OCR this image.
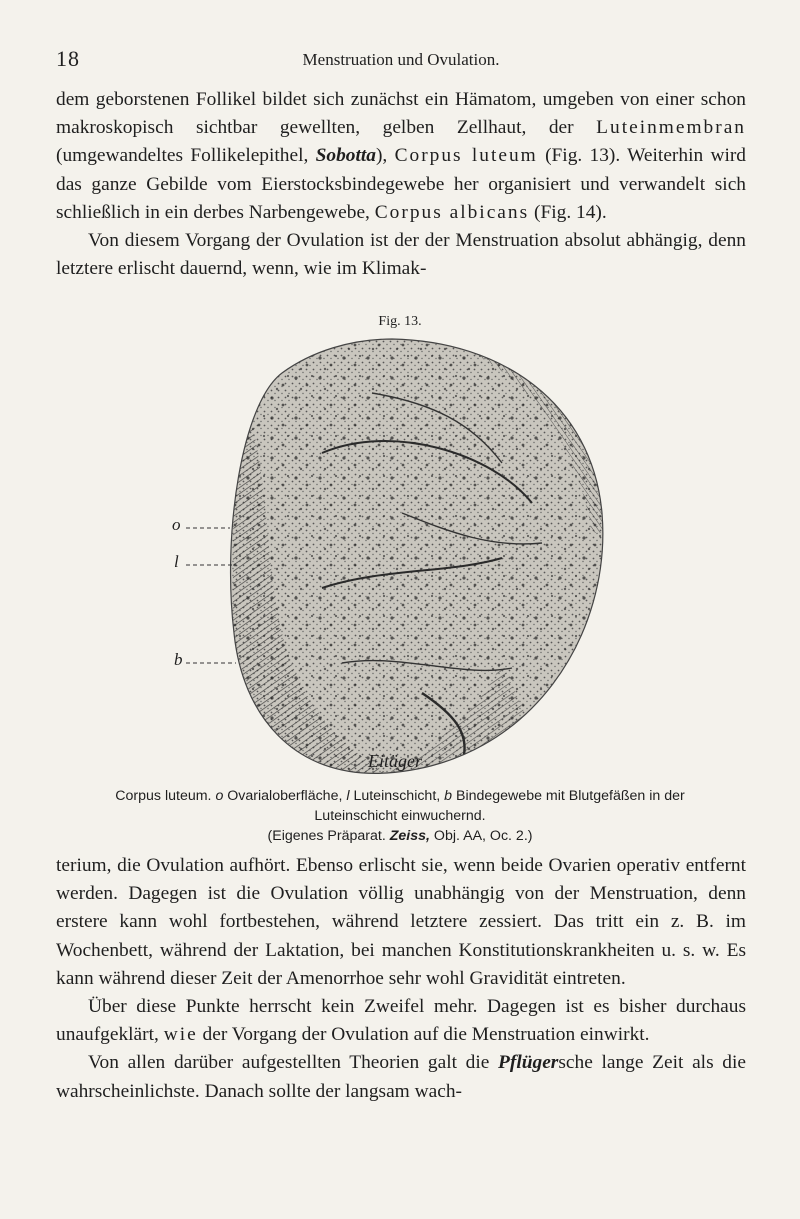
18	Menstruation und Ovulation.
dem geborstenen Follikel bildet sich zunächst ein Hämatom, umgeben von einer schon makroskopisch sichtbar gewellten, gelben Zellhaut, der Luteinmembran (umgewandeltes Follikelepithel, Sobotta), Corpus luteum (Fig. 13). Weiterhin wird das ganze Gebilde vom Eierstocksbindegewebe her organisiert und verwandelt sich schließlich in ein derbes Narbengewebe, Corpus albicans (Fig. 14).
Von diesem Vorgang der Ovulation ist der der Menstruation absolut abhängig, denn letztere erlischt dauernd, wenn, wie im Klimak-
Fig. 13.
o
l
b
Eitäger
Corpus luteum. o Ovarialoberfläche, l Luteinschicht, b Bindegewebe mit Blutgefäßen in der Luteinschicht einwuchernd.
(Eigenes Präparat. Zeiss, Obj. AA, Oc. 2.)
terium, die Ovulation aufhört. Ebenso erlischt sie, wenn beide Ovarien operativ entfernt werden. Dagegen ist die Ovulation völlig unabhängig von der Menstruation, denn erstere kann wohl fortbestehen, während letztere zessiert. Das tritt ein z. B. im Wochenbett, während der Laktation, bei manchen Konstitutionskrankheiten u. s. w. Es kann während dieser Zeit der Amenorrhoe sehr wohl Gravidität eintreten.
Über diese Punkte herrscht kein Zweifel mehr. Dagegen ist es bisher durchaus unaufgeklärt, wie der Vorgang der Ovulation auf die Menstruation einwirkt.
Von allen darüber aufgestellten Theorien galt die Pflügersche lange Zeit als die wahrscheinlichste. Danach sollte der langsam wach-
